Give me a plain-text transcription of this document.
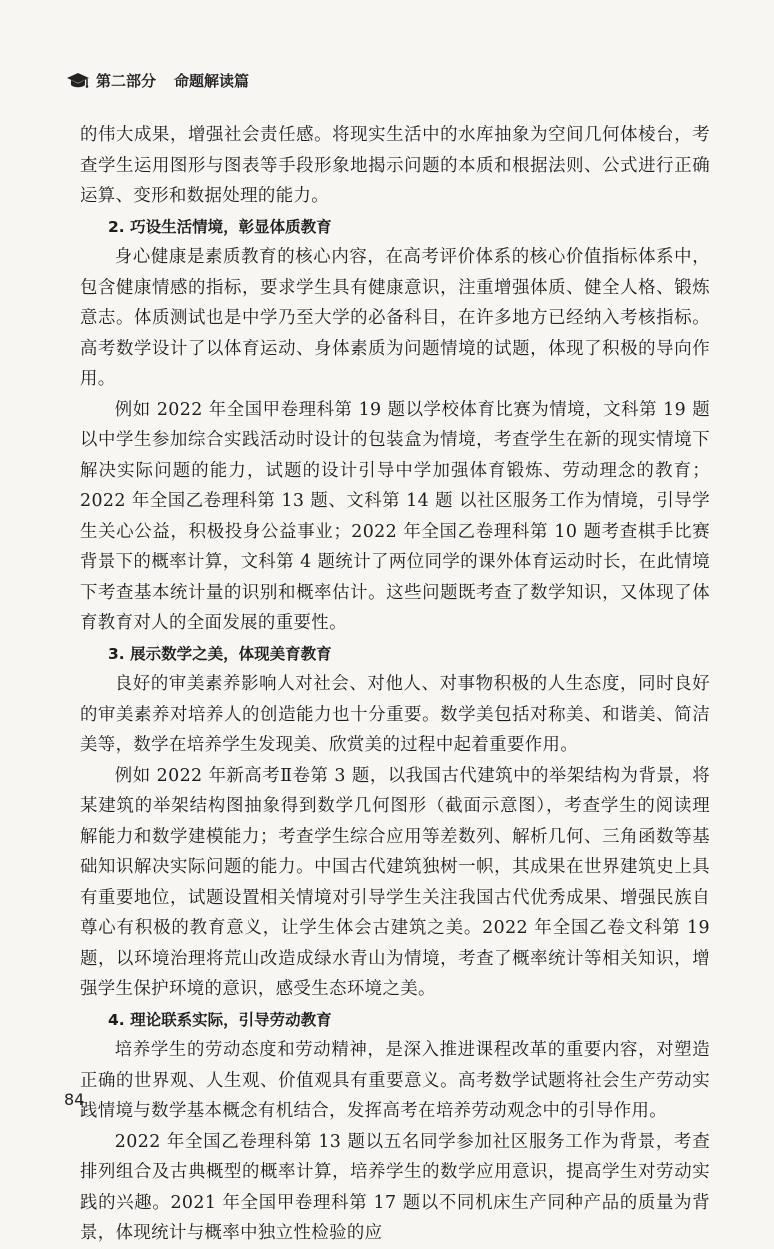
第二部分 命题解读篇

的伟大成果，增强社会责任感。将现实生活中的水库抽象为空间几何体棱台，考查学生运用图形与图表等手段形象地揭示问题的本质和根据法则、公式进行正确运算、变形和数据处理的能力。

2. 巧设生活情境，彰显体质教育

身心健康是素质教育的核心内容，在高考评价体系的核心价值指标体系中，包含健康情感的指标，要求学生具有健康意识，注重增强体质、健全人格、锻炼意志。体质测试也是中学乃至大学的必备科目，在许多地方已经纳入考核指标。高考数学设计了以体育运动、身体素质为问题情境的试题，体现了积极的导向作用。

例如 2022 年全国甲卷理科第 19 题以学校体育比赛为情境，文科第 19 题以中学生参加综合实践活动时设计的包装盒为情境，考查学生在新的现实情境下解决实际问题的能力，试题的设计引导中学加强体育锻炼、劳动理念的教育；2022 年全国乙卷理科第 13 题、文科第 14 题 以社区服务工作为情境，引导学生关心公益，积极投身公益事业；2022 年全国乙卷理科第 10 题考查棋手比赛背景下的概率计算，文科第 4 题统计了两位同学的课外体育运动时长，在此情境下考查基本统计量的识别和概率估计。这些问题既考查了数学知识，又体现了体育教育对人的全面发展的重要性。

3. 展示数学之美，体现美育教育

良好的审美素养影响人对社会、对他人、对事物积极的人生态度，同时良好的审美素养对培养人的创造能力也十分重要。数学美包括对称美、和谐美、简洁美等，数学在培养学生发现美、欣赏美的过程中起着重要作用。

例如 2022 年新高考Ⅱ卷第 3 题，以我国古代建筑中的举架结构为背景，将某建筑的举架结构图抽象得到数学几何图形（截面示意图），考查学生的阅读理解能力和数学建模能力；考查学生综合应用等差数列、解析几何、三角函数等基础知识解决实际问题的能力。中国古代建筑独树一帜，其成果在世界建筑史上具有重要地位，试题设置相关情境对引导学生关注我国古代优秀成果、增强民族自尊心有积极的教育意义，让学生体会古建筑之美。2022 年全国乙卷文科第 19 题，以环境治理将荒山改造成绿水青山为情境，考查了概率统计等相关知识，增强学生保护环境的意识，感受生态环境之美。

4. 理论联系实际，引导劳动教育

培养学生的劳动态度和劳动精神，是深入推进课程改革的重要内容，对塑造正确的世界观、人生观、价值观具有重要意义。高考数学试题将社会生产劳动实践情境与数学基本概念有机结合，发挥高考在培养劳动观念中的引导作用。

2022 年全国乙卷理科第 13 题以五名同学参加社区服务工作为背景，考查排列组合及古典概型的概率计算，培养学生的数学应用意识，提高学生对劳动实践的兴趣。2021 年全国甲卷理科第 17 题以不同机床生产同种产品的质量为背景，体现统计与概率中独立性检验的应

84
